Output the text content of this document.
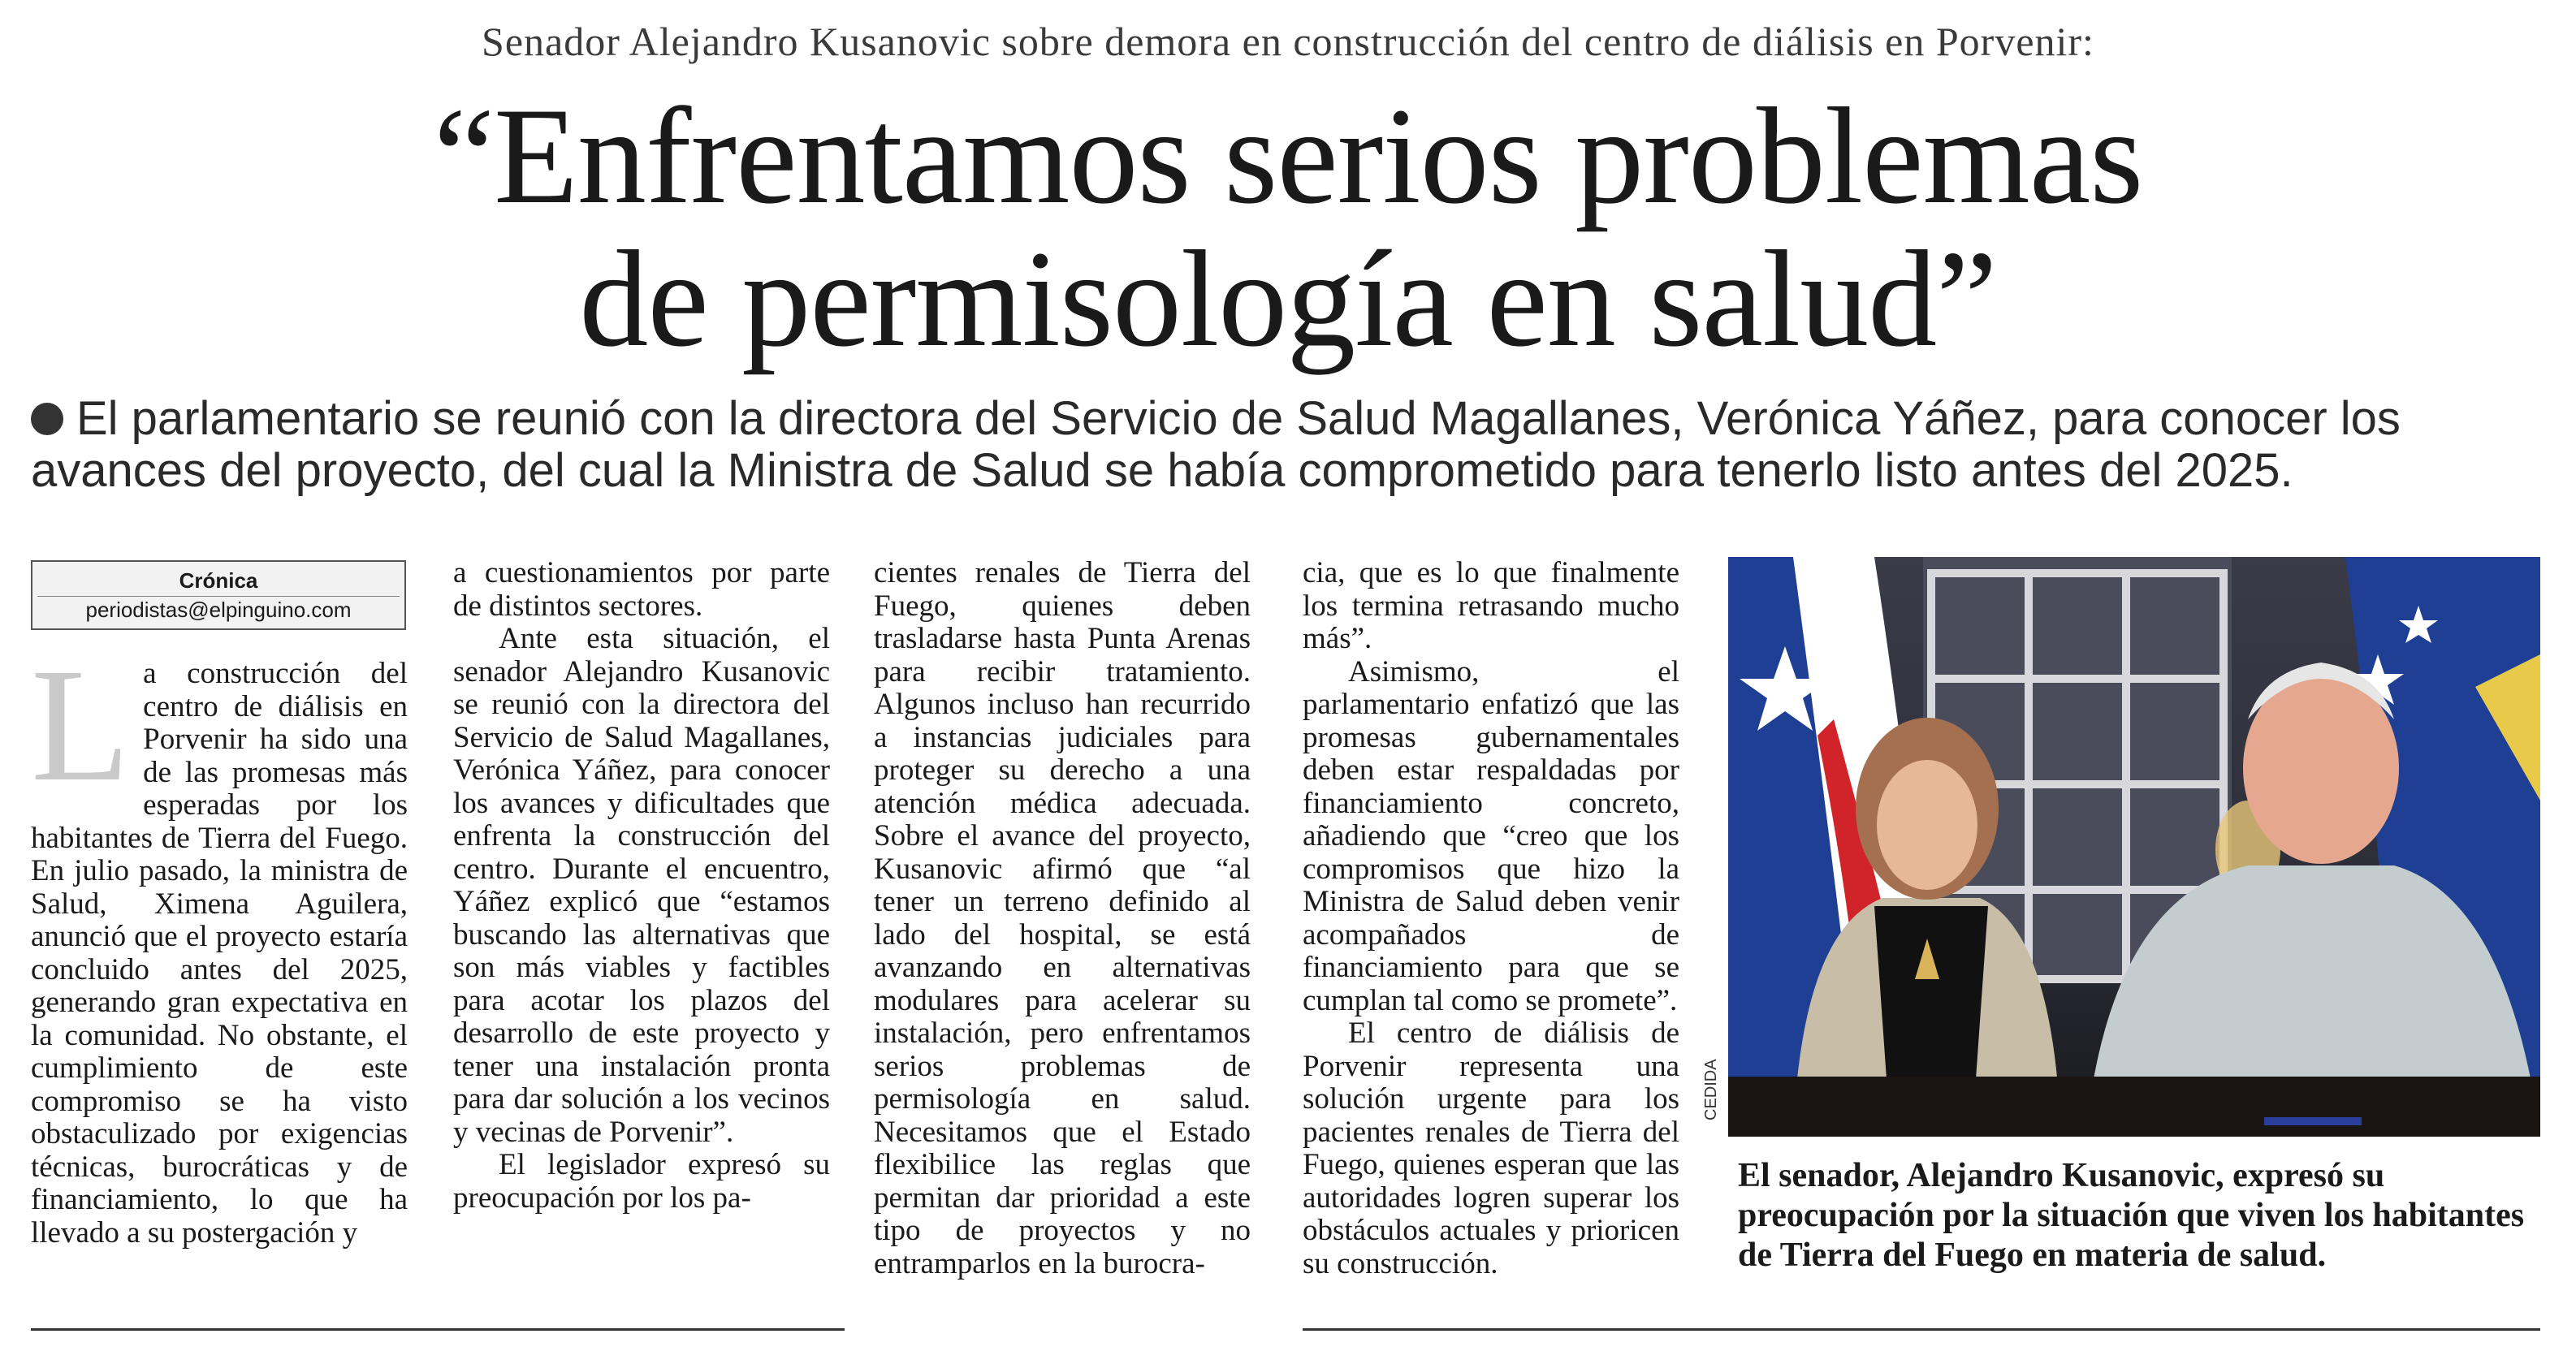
Senador Alejandro Kusanovic sobre demora en construcción del centro de diálisis en Porvenir:
“Enfrentamos serios problemas
de permisología en salud”
El parlamentario se reunió con la directora del Servicio de Salud Magallanes, Verónica Yáñez, para conocer los avances del proyecto, del cual la Ministra de Salud se había comprometido para tenerlo listo antes del 2025.
Crónica
periodistas@elpinguino.com
L a construcción del centro de diálisis en Porvenir ha sido una de las promesas más esperadas por los habitantes de Tierra del Fuego. En julio pasado, la ministra de Salud, Ximena Aguilera, anunció que el proyecto estaría concluido antes del 2025, generando gran expectativa en la comunidad. No obstante, el cumplimiento de este compromiso se ha visto obstaculizado por exigencias técnicas, burocráticas y de financiamiento, lo que ha llevado a su postergación y

a cuestionamientos por parte de distintos sectores.

Ante esta situación, el senador Alejandro Kusanovic se reunió con la directora del Servicio de Salud Magallanes, Verónica Yáñez, para conocer los avances y dificultades que enfrenta la construcción del centro. Durante el encuentro, Yáñez explicó que “estamos buscando las alternativas que son más viables y factibles para acotar los plazos del desarrollo de este proyecto y tener una instalación pronta para dar solución a los vecinos y vecinas de Porvenir”.

El legislador expresó su preocupación por los pa-

cientes renales de Tierra del Fuego, quienes deben trasladarse hasta Punta Arenas para recibir tratamiento. Algunos incluso han recurrido a instancias judiciales para proteger su derecho a una atención médica adecuada. Sobre el avance del proyecto, Kusanovic afirmó que “al tener un terreno definido al lado del hospital, se está avanzando en alternativas modulares para acelerar su instalación, pero enfrentamos serios problemas de permisología en salud. Necesitamos que el Estado flexibilice las reglas que permitan dar prioridad a este tipo de proyectos y no entramparlos en la burocra-

cia, que es lo que finalmente los termina retrasando mucho más”.

Asimismo, el parlamentario enfatizó que las promesas gubernamentales deben estar respaldadas por financiamiento concreto, añadiendo que “creo que los compromisos que hizo la Ministra de Salud deben venir acompañados de financiamiento para que se cumplan tal como se promete”.

El centro de diálisis de Porvenir representa una solución urgente para los pacientes renales de Tierra del Fuego, quienes esperan que las autoridades logren superar los obstáculos actuales y prioricen su construcción.

CEDIDA
El senador, Alejandro Kusanovic, expresó su preocupación por la situación que viven los habitantes de Tierra del Fuego en materia de salud.
